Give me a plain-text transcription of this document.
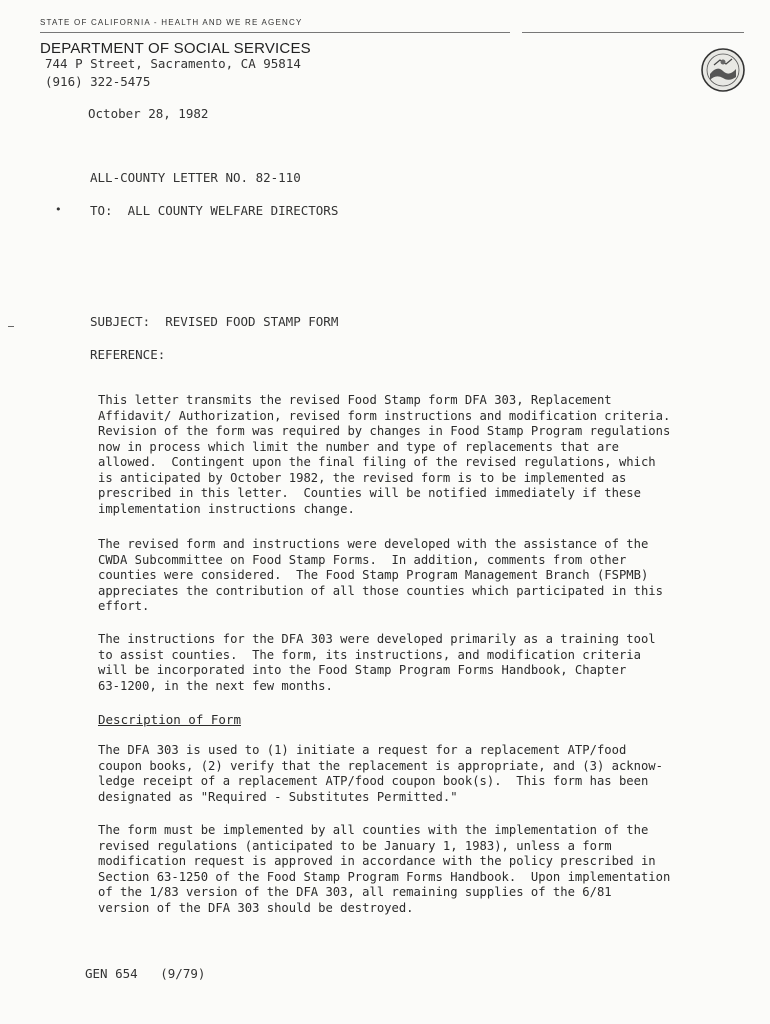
STATE OF CALIFORNIA - HEALTH AND WE RE AGENCY
DEPARTMENT OF SOCIAL SERVICES
744 P Street, Sacramento, CA 95814
(916) 322-5475
October 28, 1982
ALL-COUNTY LETTER NO. 82-110
• TO:  ALL COUNTY WELFARE DIRECTORS
SUBJECT:  REVISED FOOD STAMP FORM
REFERENCE:

This letter transmits the revised Food Stamp form DFA 303, Replacement

Affidavit/ Authorization, revised form instructions and modification criteria.

Revision of the form was required by changes in Food Stamp Program regulations

now in process which limit the number and type of replacements that are

allowed.  Contingent upon the final filing of the revised regulations, which

is anticipated by October 1982, the revised form is to be implemented as

prescribed in this letter.  Counties will be notified immediately if these

implementation instructions change.

The revised form and instructions were developed with the assistance of the

CWDA Subcommittee on Food Stamp Forms.  In addition, comments from other

counties were considered.  The Food Stamp Program Management Branch (FSPMB)

appreciates the contribution of all those counties which participated in this

effort.

The instructions for the DFA 303 were developed primarily as a training tool

to assist counties.  The form, its instructions, and modification criteria

will be incorporated into the Food Stamp Program Forms Handbook, Chapter

63-1200, in the next few months.

Description of Form

The DFA 303 is used to (1) initiate a request for a replacement ATP/food

coupon books, (2) verify that the replacement is appropriate, and (3) acknow-

ledge receipt of a replacement ATP/food coupon book(s).  This form has been

designated as "Required - Substitutes Permitted."

The form must be implemented by all counties with the implementation of the

revised regulations (anticipated to be January 1, 1983), unless a form

modification request is approved in accordance with the policy prescribed in

Section 63-1250 of the Food Stamp Program Forms Handbook.  Upon implementation

of the 1/83 version of the DFA 303, all remaining supplies of the 6/81

version of the DFA 303 should be destroyed.

GEN 654   (9/79)
